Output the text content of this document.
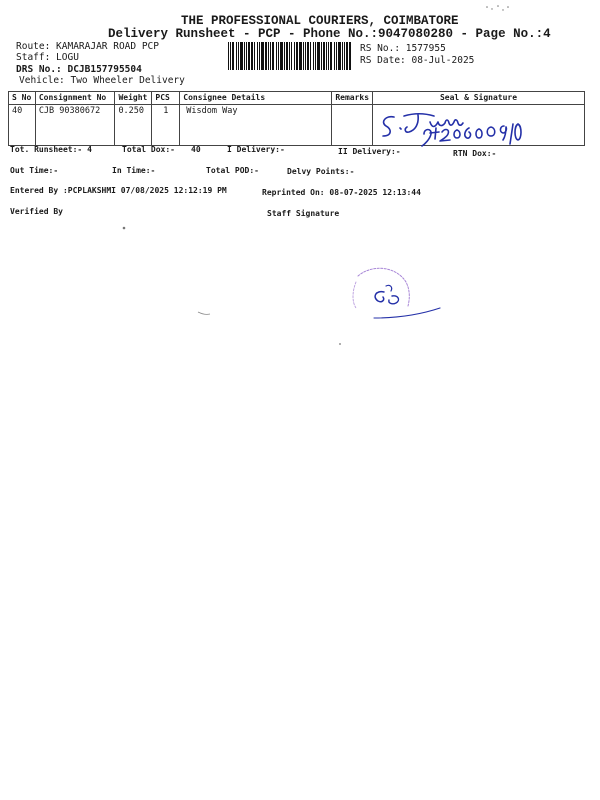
THE PROFESSIONAL COURIERS, COIMBATORE
Delivery Runsheet - PCP - Phone No.:9047080280 - Page No.:4
Route: KAMARAJAR ROAD PCP
Staff: LOGU
DRS No.: DCJB157795504
Vehicle: Two Wheeler Delivery
RS No.: 1577955
RS Date: 08-Jul-2025
S No	Consignment No	Weight	PCS	Consignee Details	Remarks	Seal & Signature
40	CJB 90380672	0.250	1	Wisdom Way		
Tot. Runsheet:- 4	Total Dox:- 40	I Delivery:-	II Delivery:-	RTN Dox:-
Out Time:-	In Time:-	Total POD:-	Delvy Points:-
Entered By :PCPLAKSHMI 07/08/2025 12:12:19 PM	Reprinted On: 08-07-2025 12:13:44
Verified By	Staff Signature
